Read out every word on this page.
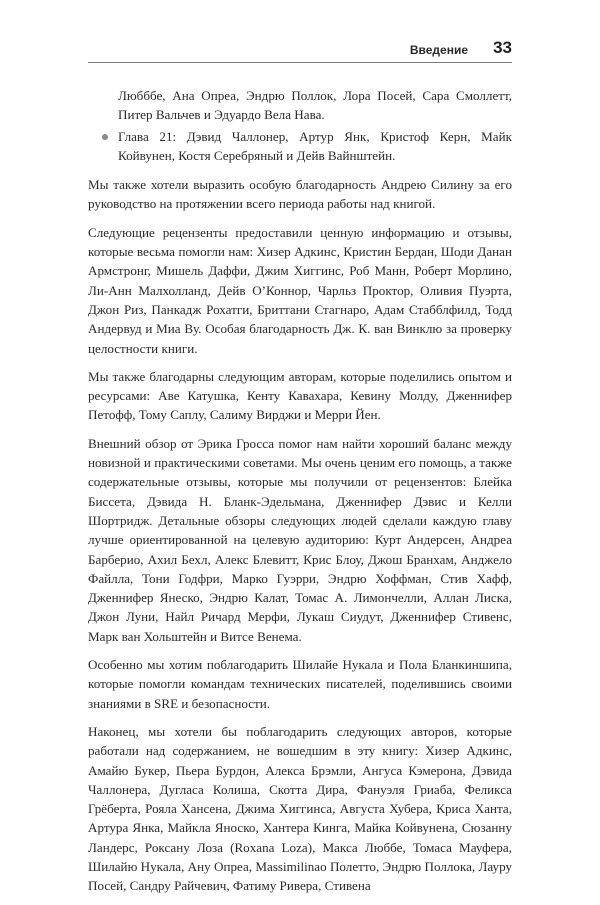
Введение 33
Любббе, Ана Опреа, Эндрю Поллок, Лора Посей, Сара Смоллетт, Питер Вальчев и Эдуардо Вела Нава.
Глава 21: Дэвид Чаллонер, Артур Янк, Кристоф Керн, Майк Койвунен, Костя Серебряный и Дейв Вайнштейн.

Мы также хотели выразить особую благодарность Андрею Силину за его руководство на протяжении всего периода работы над книгой.

Следующие рецензенты предоставили ценную информацию и отзывы, которые весьма помогли нам: Хизер Адкинс, Кристин Бердан, Шоди Данан Армстронг, Мишель Даффи, Джим Хиггинс, Роб Манн, Роберт Морлино, Ли-Анн Малхолланд, Дейв О’Коннор, Чарльз Проктор, Оливия Пуэрта, Джон Риз, Панкадж Рохатги, Бриттани Стагнаро, Адам Стабблфилд, Тодд Андервуд и Миа Ву. Особая благодарность Дж. К. ван Винклю за проверку целостности книги.

Мы также благодарны следующим авторам, которые поделились опытом и ресурсами: Аве Катушка, Кенту Кавахара, Кевину Молду, Дженнифер Петофф, Тому Саплу, Салиму Вирджи и Мерри Йен.

Внешний обзор от Эрика Гросса помог нам найти хороший баланс между новизной и практическими советами. Мы очень ценим его помощь, а также содержательные отзывы, которые мы получили от рецензентов: Блейка Биссета, Дэвида Н. Бланк-Эдельмана, Дженнифер Дэвис и Келли Шортридж. Детальные обзоры следующих людей сделали каждую главу лучше ориентированной на целевую аудиторию: Курт Андерсен, Андреа Барберио, Ахил Бехл, Алекс Блевитт, Крис Блоу, Джош Бранхам, Анджело Файлла, Тони Годфри, Марко Гуэрри, Эндрю Хоффман, Стив Хафф, Дженнифер Янеско, Эндрю Калат, Томас А. Лимончелли, Аллан Лиска, Джон Луни, Найл Ричард Мерфи, Лукаш Сиудут, Дженнифер Стивенс, Марк ван Хольштейн и Витсе Венема.

Особенно мы хотим поблагодарить Шилайе Нукала и Пола Бланкиншипа, которые помогли командам технических писателей, поделившись своими знаниями в SRE и безопасности.

Наконец, мы хотели бы поблагодарить следующих авторов, которые работали над содержанием, не вошедшим в эту книгу: Хизер Адкинс, Амайю Букер, Пьера Бурдон, Алекса Брэмли, Ангуса Кэмерона, Дэвида Чаллонера, Дугласа Колиша, Скотта Дира, Фануэля Гриаба, Феликса Грёберта, Рояла Хансена, Джима Хиггинса, Августа Хубера, Криса Ханта, Артура Янка, Майкла Яноско, Хантера Кинга, Майка Койвунена, Сюзанну Ландерс, Роксану Лоза (Roxana Loza), Макса Люббе, Томаса Мауфера, Шилайю Нукала, Ану Опреа, Massimilinao Полетто, Эндрю Поллока, Лауру Посей, Сандру Райчевич, Фатиму Ривера, Стивена
